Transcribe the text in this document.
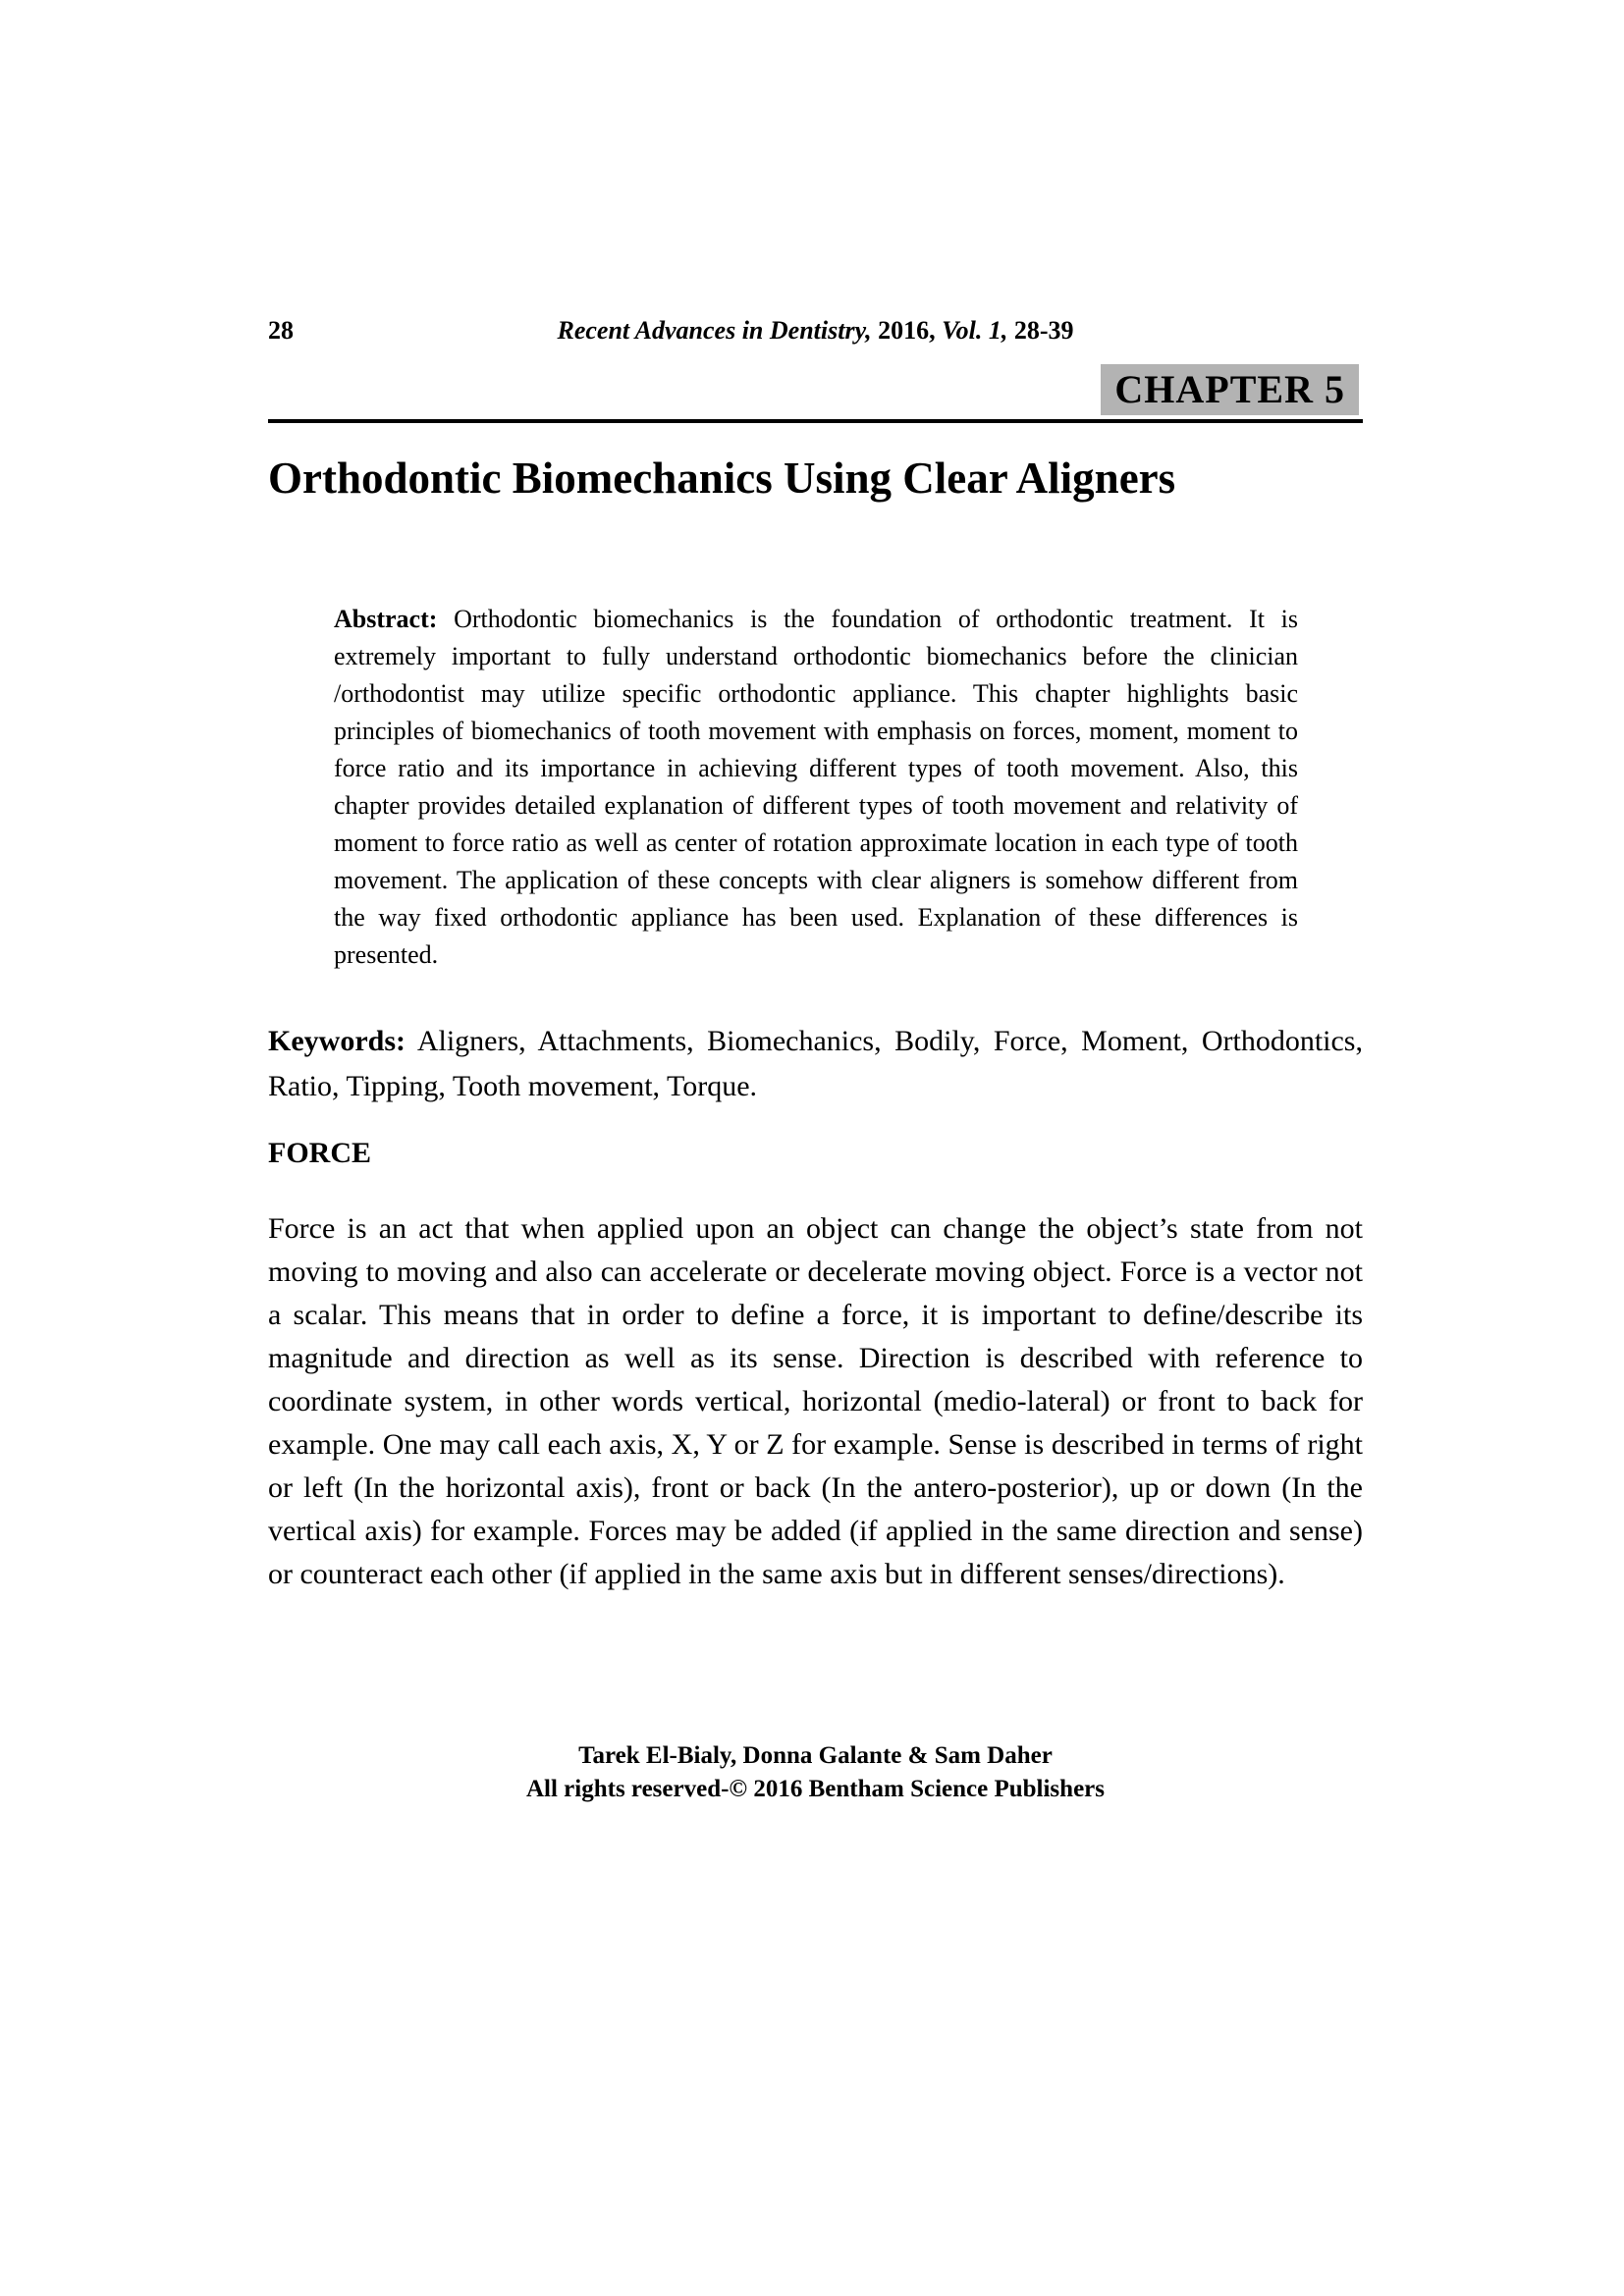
28	Recent Advances in Dentistry, 2016, Vol. 1, 28-39
CHAPTER 5
Orthodontic Biomechanics Using Clear Aligners

Abstract: Orthodontic biomechanics is the foundation of orthodontic treatment. It is extremely important to fully understand orthodontic biomechanics before the clinician /orthodontist may utilize specific orthodontic appliance. This chapter highlights basic principles of biomechanics of tooth movement with emphasis on forces, moment, moment to force ratio and its importance in achieving different types of tooth movement. Also, this chapter provides detailed explanation of different types of tooth movement and relativity of moment to force ratio as well as center of rotation approximate location in each type of tooth movement. The application of these concepts with clear aligners is somehow different from the way fixed orthodontic appliance has been used. Explanation of these differences is presented.

Keywords: Aligners, Attachments, Biomechanics, Bodily, Force, Moment, Orthodontics, Ratio, Tipping, Tooth movement, Torque.

FORCE

Force is an act that when applied upon an object can change the object’s state from not moving to moving and also can accelerate or decelerate moving object. Force is a vector not a scalar. This means that in order to define a force, it is important to define/describe its magnitude and direction as well as its sense. Direction is described with reference to coordinate system, in other words vertical, horizontal (medio-lateral) or front to back for example. One may call each axis, X, Y or Z for example. Sense is described in terms of right or left (In the horizontal axis), front or back (In the antero-posterior), up or down (In the vertical axis) for example. Forces may be added (if applied in the same direction and sense) or counteract each other (if applied in the same axis but in different senses/directions).

Tarek El-Bialy, Donna Galante & Sam Daher
All rights reserved-© 2016 Bentham Science Publishers
